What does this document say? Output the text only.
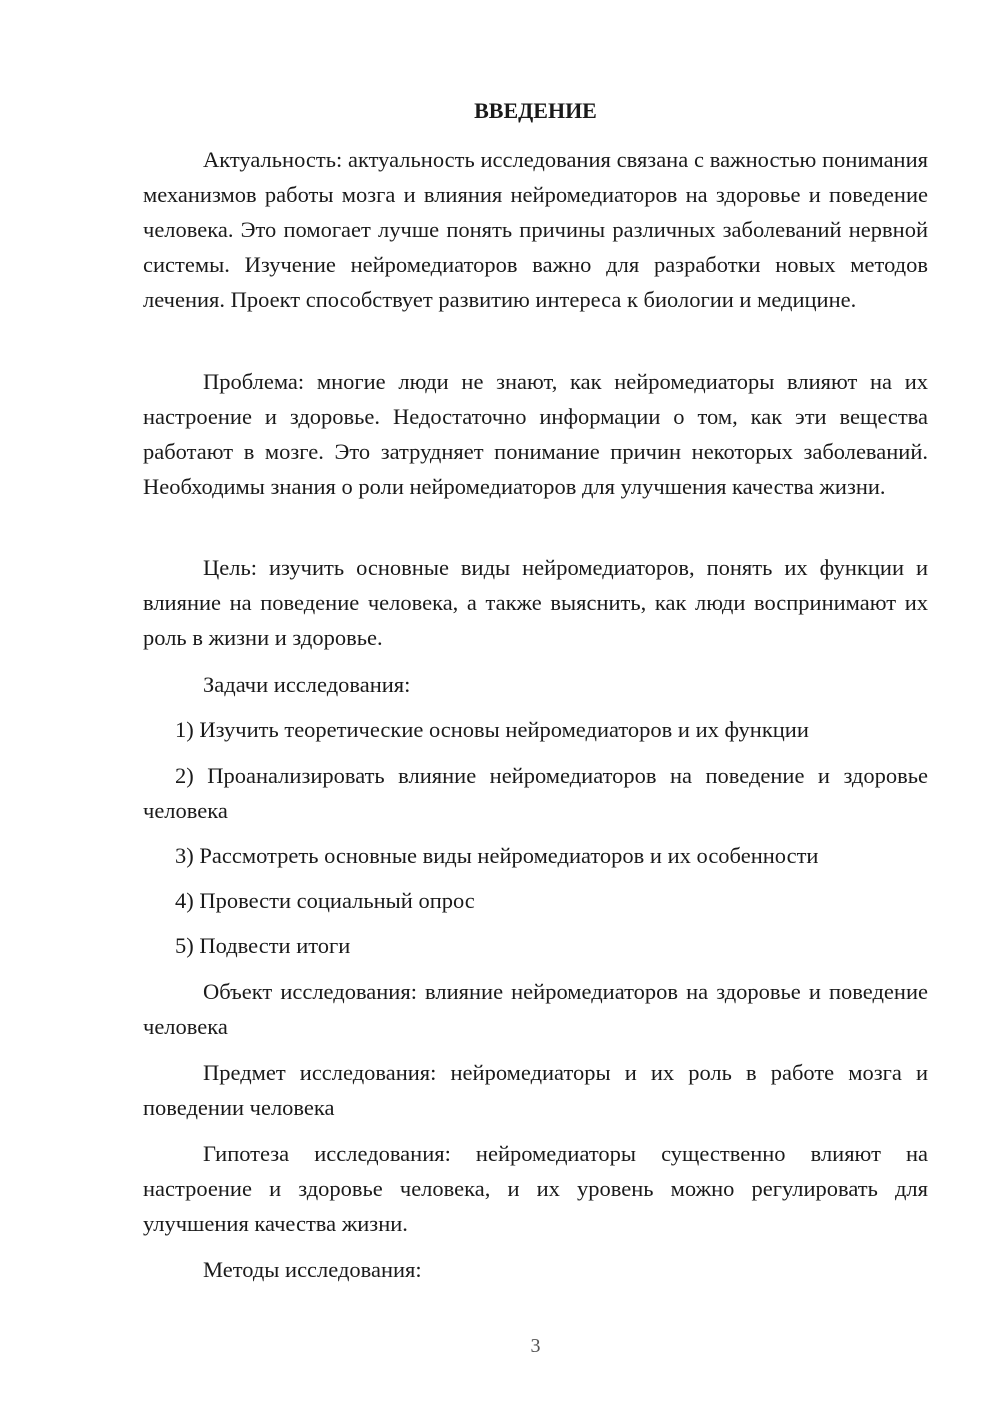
ВВЕДЕНИЕ

Актуальность: актуальность исследования связана с важностью понимания механизмов работы мозга и влияния нейромедиаторов на здоровье и поведение человека. Это помогает лучше понять причины различных заболеваний нервной системы. Изучение нейромедиаторов важно для разработки новых методов лечения. Проект способствует развитию интереса к биологии и медицине.

Проблема: многие люди не знают, как нейромедиаторы влияют на их настроение и здоровье. Недостаточно информации о том, как эти вещества работают в мозге. Это затрудняет понимание причин некоторых заболеваний. Необходимы знания о роли нейромедиаторов для улучшения качества жизни.

Цель: изучить основные виды нейромедиаторов, понять их функции и влияние на поведение человека, а также выяснить, как люди воспринимают их роль в жизни и здоровье.

Задачи исследования:

1) Изучить теоретические основы нейромедиаторов и их функции

2) Проанализировать влияние нейромедиаторов на поведение и здоровье человека

3) Рассмотреть основные виды нейромедиаторов и их особенности

4) Провести социальный опрос

5) Подвести итоги

Объект исследования: влияние нейромедиаторов на здоровье и поведение человека

Предмет исследования: нейромедиаторы и их роль в работе мозга и поведении человека

Гипотеза исследования: нейромедиаторы существенно влияют на настроение и здоровье человека, и их уровень можно регулировать для улучшения качества жизни.

Методы исследования:

3
